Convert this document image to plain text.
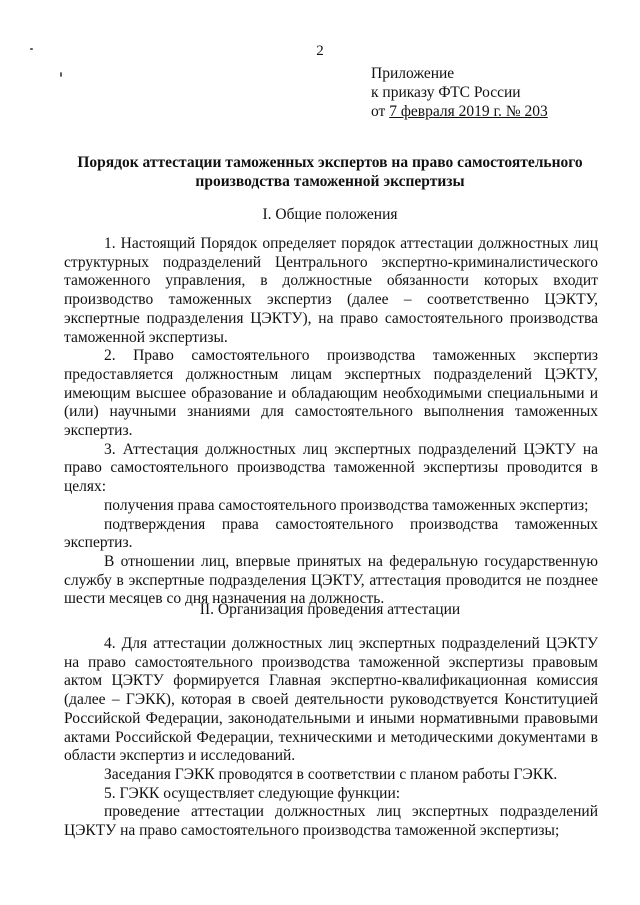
2
Приложение
к приказу ФТС России
от 7 февраля 2019 г. № 203
Порядок аттестации таможенных экспертов на право самостоятельного
производства таможенной экспертизы
I. Общие положения

1. Настоящий Порядок определяет порядок аттестации должностных лиц структурных подразделений Центрального экспертно-криминалистического таможенного управления, в должностные обязанности которых входит производство таможенных экспертиз (далее – соответственно ЦЭКТУ, экспертные подразделения ЦЭКТУ), на право самостоятельного производства таможенной экспертизы.

2. Право самостоятельного производства таможенных экспертиз предоставляется должностным лицам экспертных подразделений ЦЭКТУ, имеющим высшее образование и обладающим необходимыми специальными и (или) научными знаниями для самостоятельного выполнения таможенных экспертиз.

3. Аттестация должностных лиц экспертных подразделений ЦЭКТУ на право самостоятельного производства таможенной экспертизы проводится в целях:

получения права самостоятельного производства таможенных экспертиз;

подтверждения права самостоятельного производства таможенных экспертиз.

В отношении лиц, впервые принятых на федеральную государственную службу в экспертные подразделения ЦЭКТУ, аттестация проводится не позднее шести месяцев со дня назначения на должность.

II. Организация проведения аттестации

4. Для аттестации должностных лиц экспертных подразделений ЦЭКТУ на право самостоятельного производства таможенной экспертизы правовым актом ЦЭКТУ формируется Главная экспертно-квалификационная комиссия (далее – ГЭКК), которая в своей деятельности руководствуется Конституцией Российской Федерации, законодательными и иными нормативными правовыми актами Российской Федерации, техническими и методическими документами в области экспертиз и исследований.

Заседания ГЭКК проводятся в соответствии с планом работы ГЭКК.

5. ГЭКК осуществляет следующие функции:

проведение аттестации должностных лиц экспертных подразделений ЦЭКТУ на право самостоятельного производства таможенной экспертизы;
